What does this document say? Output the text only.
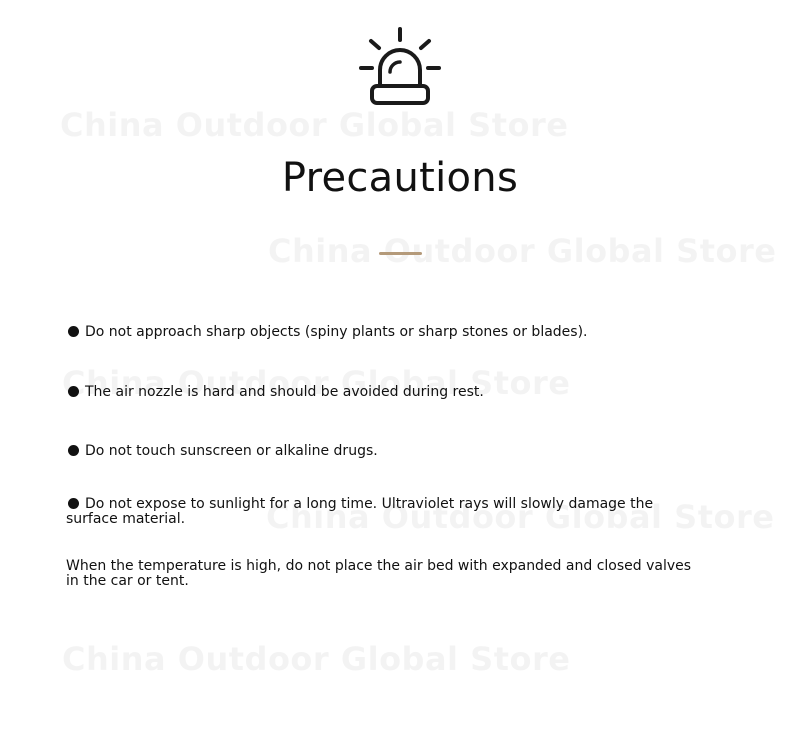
Precautions
Do not approach sharp objects (spiny plants or sharp stones or blades).
The air nozzle is hard and should be avoided during rest.
Do not touch sunscreen or alkaline drugs.
Do not expose to sunlight for a long time. Ultraviolet rays will slowly damage the surface material.
When the temperature is high, do not place the air bed with expanded and closed valves in the car or tent.
